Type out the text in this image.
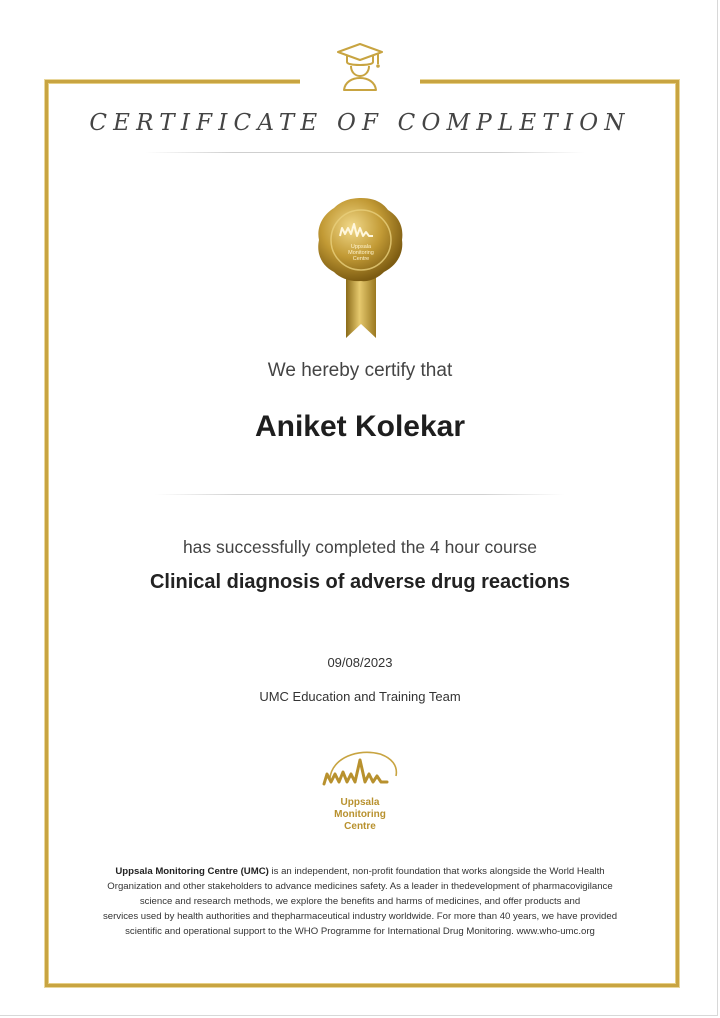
CERTIFICATE OF COMPLETION
Uppsala
Monitoring
Centre
We hereby certify that
Aniket Kolekar
has successfully completed the 4 hour course
Clinical diagnosis of adverse drug reactions
09/08/2023
UMC Education and Training Team
Uppsala
Monitoring
Centre
Uppsala Monitoring Centre (UMC) is an independent, non-profit foundation that works alongside the World Health
Organization and other stakeholders to advance medicines safety. As a leader in thedevelopment of pharmacovigilance
science and research methods, we explore the benefits and harms of medicines, and offer products and
services used by health authorities and thepharmaceutical industry worldwide. For more than 40 years, we have provided
scientific and operational support to the WHO Programme for International Drug Monitoring. www.who-umc.org
